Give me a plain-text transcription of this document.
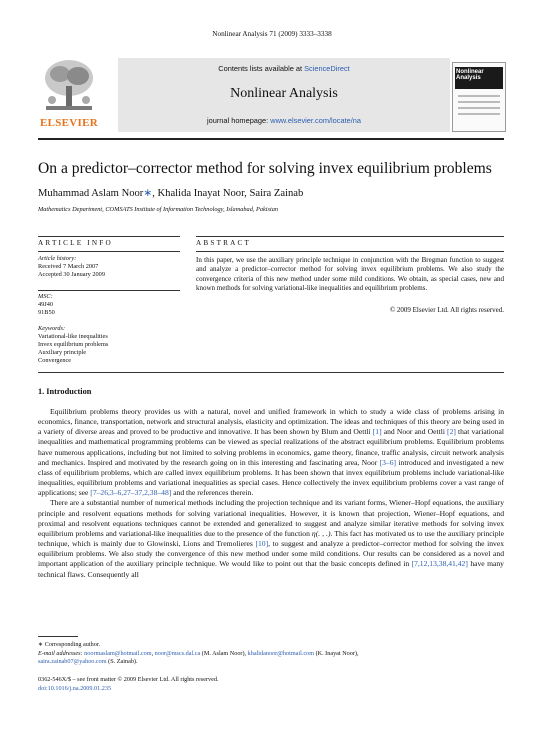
Nonlinear Analysis 71 (2009) 3333–3338
ELSEVIER
Contents lists available at ScienceDirect
Nonlinear Analysis
journal homepage: www.elsevier.com/locate/na
Nonlinear Analysis
On a predictor–corrector method for solving invex equilibrium problems
Muhammad Aslam Noor∗, Khalida Inayat Noor, Saira Zainab
Mathematics Department, COMSATS Institute of Information Technology, Islamabad, Pakistan
ARTICLE INFO
Article history:
Received 7 March 2007
Accepted 30 January 2009
MSC:
49J40
91B50
Keywords:
Variational-like inequalities
Invex equilibrium problems
Auxiliary principle
Convergence
ABSTRACT
In this paper, we use the auxiliary principle technique in conjunction with the Bregman function to suggest and analyze a predictor–corrector method for solving invex equilibrium problems. We also study the convergence criteria of this new method under some mild conditions. We obtain, as special cases, new and known methods for solving variational-like inequalities and equilibrium problems.
© 2009 Elsevier Ltd. All rights reserved.
1. Introduction

Equilibrium problems theory provides us with a natural, novel and unified framework in which to study a wide class of problems arising in economics, finance, transportation, network and structural analysis, elasticity and optimization. The ideas and techniques of this theory are being used in a variety of diverse areas and proved to be productive and innovative. It has been shown by Blum and Oettli [1] and Noor and Oettli [2] that variational inequalities and mathematical programming problems can be viewed as special realizations of the abstract equilibrium problems. Equilibrium problems have numerous applications, including but not limited to solving problems in economics, game theory, finance, traffic analysis, circuit network analysis and mechanics. Inspired and motivated by the research going on in this interesting and fascinating area, Noor [3–6] introduced and investigated a new class of equilibrium problems, which are called invex equilibrium problems. It has been shown that invex equilibrium problems include variational-like inequalities, equilibrium problems and variational inequalities as special cases. Hence collectively the invex equilibrium problems cover a vast range of applications; see [7–26,3–6,27–37,2,38–48] and the references therein.

There are a substantial number of numerical methods including the projection technique and its variant forms, Wiener–Hopf equations, the auxiliary principle and resolvent equations methods for solving variational inequalities. However, it is known that projection, Wiener–Hopf equations, and proximal and resolvent equations techniques cannot be extended and generalized to suggest and analyze similar iterative methods for solving invex equilibrium problems and variational-like inequalities due to the presence of the function η(. , .). This fact has motivated us to use the auxiliary principle technique, which is mainly due to Glowinski, Lions and Tremolieres [10], to suggest and analyze a predictor–corrector method for solving the invex equilibrium problems. We also study the convergence of this new method under some mild conditions. Our results can be considered as a novel and important application of the auxiliary principle technique. We would like to point out that the basic concepts defined in [7,12,13,38,41,42] have many technical flaws. Consequently all

∗ Corresponding author.
E-mail addresses: noormaslam@hotmail.com, noor@mscs.dal.ca (M. Aslam Noor), khalidanoor@hotmail.com (K. Inayat Noor),
saira.zainab07@yahoo.com (S. Zainab).
0362-546X/$ – see front matter © 2009 Elsevier Ltd. All rights reserved.
doi:10.1016/j.na.2009.01.235
